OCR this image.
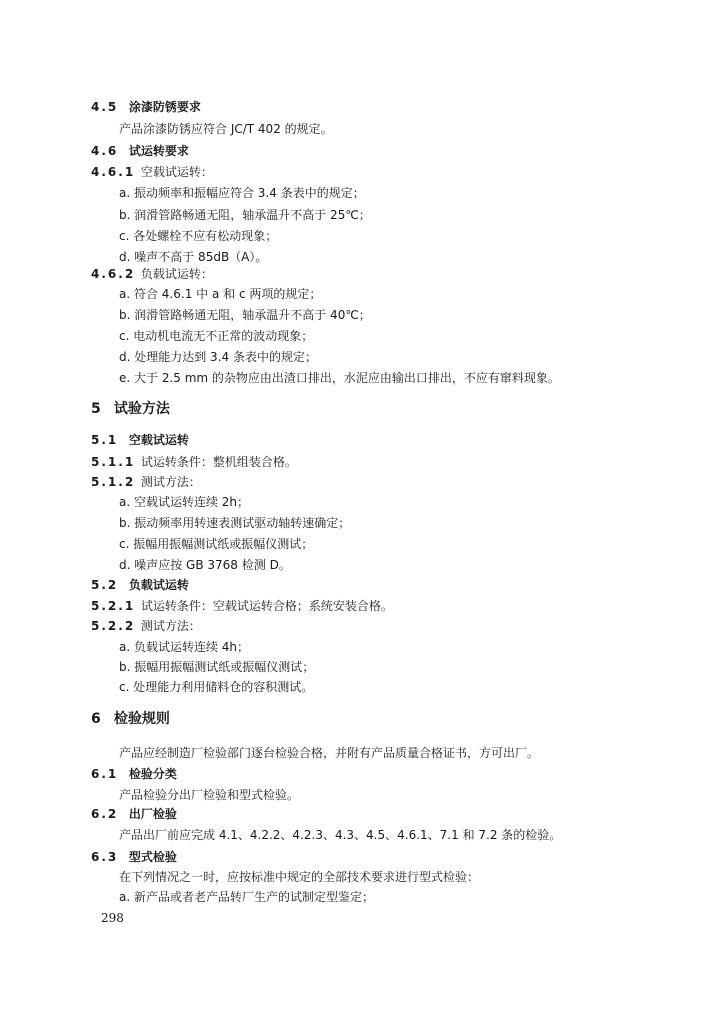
4.5 涂漆防锈要求
产品涂漆防锈应符合 JC/T 402 的规定。
4.6 试运转要求
4.6.1 空载试运转：
a. 振动频率和振幅应符合 3.4 条表中的规定；
b. 润滑管路畅通无阻，轴承温升不高于 25℃；
c. 各处螺栓不应有松动现象；
d. 噪声不高于 85dB（A）。
4.6.2 负载试运转：
a. 符合 4.6.1 中 a 和 c 两项的规定；
b. 润滑管路畅通无阻，轴承温升不高于 40℃；
c. 电动机电流无不正常的波动现象；
d. 处理能力达到 3.4 条表中的规定；
e. 大于 2.5 mm 的杂物应由出渣口排出，水泥应由输出口排出，不应有窜料现象。
5 试验方法
5.1 空载试运转
5.1.1 试运转条件：整机组装合格。
5.1.2 测试方法：
a. 空载试运转连续 2h；
b. 振动频率用转速表测试驱动轴转速确定；
c. 振幅用振幅测试纸或振幅仪测试；
d. 噪声应按 GB 3768 检测 D。
5.2 负载试运转
5.2.1 试运转条件：空载试运转合格；系统安装合格。
5.2.2 测试方法：
a. 负载试运转连续 4h；
b. 振幅用振幅测试纸或振幅仪测试；
c. 处理能力利用储料仓的容积测试。
6 检验规则
产品应经制造厂检验部门逐台检验合格，并附有产品质量合格证书，方可出厂。
6.1 检验分类
产品检验分出厂检验和型式检验。
6.2 出厂检验
产品出厂前应完成 4.1、4.2.2、4.2.3、4.3、4.5、4.6.1、7.1 和 7.2 条的检验。
6.3 型式检验
在下列情况之一时，应按标准中规定的全部技术要求进行型式检验：
a. 新产品或者老产品转厂生产的试制定型鉴定；
298
